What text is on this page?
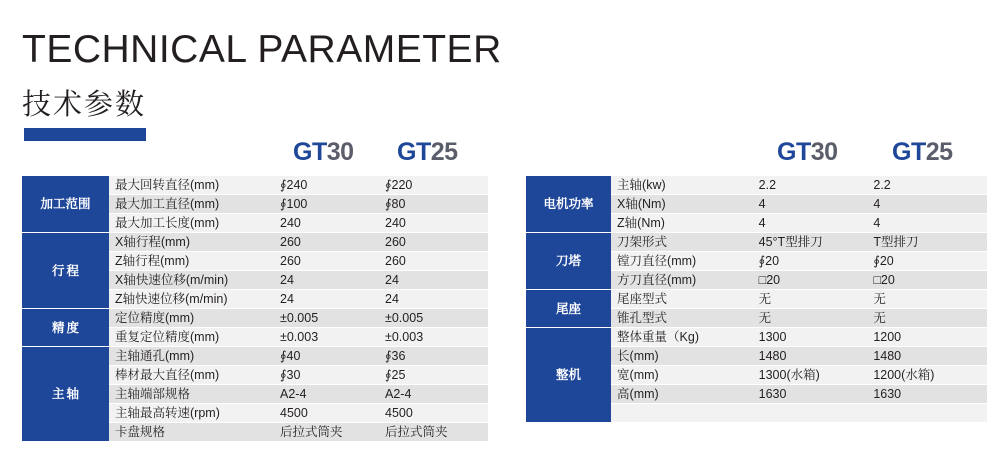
TECHNICAL PARAMETER
技术参数
GT30 GT25	GT30 GT25
加工范围	最大回转直径(mm)	∮240	∮220
	最大加工直径(mm)	∮100	∮80
	最大加工长度(mm)	240	240

行 程	X轴行程(mm)	260	260
	Z轴行程(mm)	260	260
	X轴快速位移(m/min)	24	24
	Z轴快速位移(m/min)	24	24

精 度	定位精度(mm)	±0.005	±0.005
	重复定位精度(mm)	±0.003	±0.003

主 轴	主轴通孔(mm)	∮40	∮36
	棒材最大直径(mm)	∮30	∮25
	主轴端部规格	A2-4	A2-4
	主轴最高转速(rpm)	4500	4500
	卡盘规格	后拉式筒夹	后拉式筒夹
电机功率	主轴(kw)	2.2	2.2
	X轴(Nm)	4	4
	Z轴(Nm)	4	4

刀 塔	刀架形式	45°T型排刀	T型排刀
	镗刀直径(mm)	∮20	∮20
	方刀直径(mm)	□20	□20

尾 座	尾座型式	无	无
	锥孔型式	无	无

整 机	整体重量（Kg)	1300	1200
	长(mm)	1480	1480
	宽(mm)	1300(水箱)	1200(水箱)
	高(mm)	1630	1630
